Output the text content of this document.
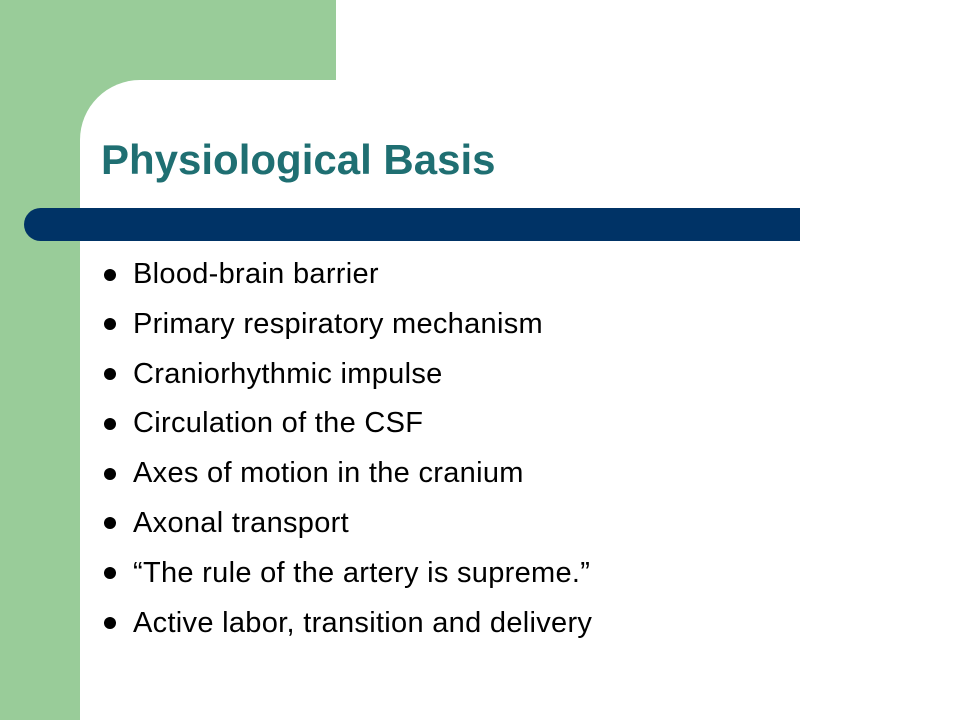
Physiological Basis
Blood-brain barrier
Primary respiratory mechanism
Craniorhythmic impulse
Circulation of the CSF
Axes of motion in the cranium
Axonal transport
“The rule of the artery is supreme.”
Active labor, transition and delivery
